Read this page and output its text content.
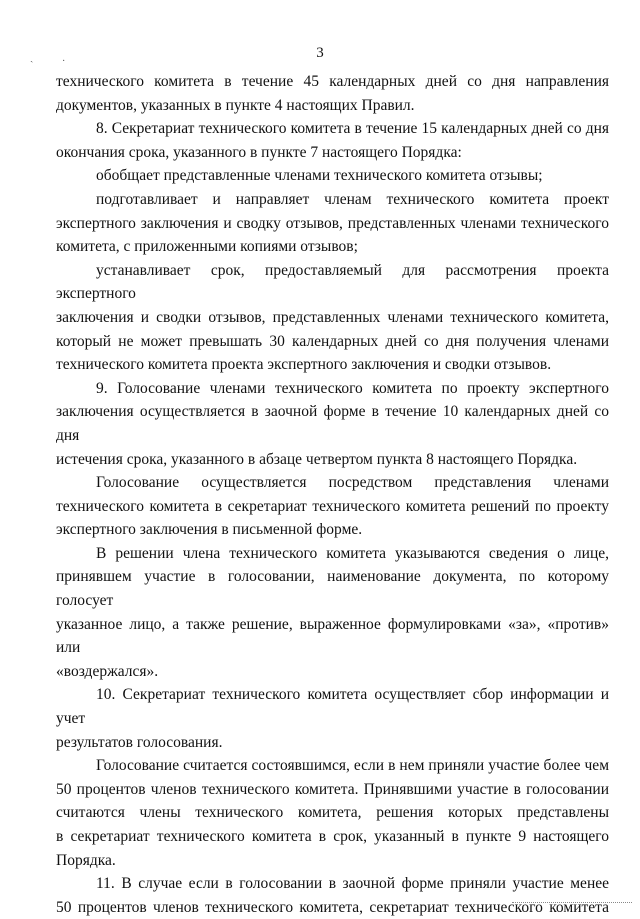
ˏ	·
3

технического комитета в течение 45 календарных дней со дня направления

документов, указанных в пункте 4 настоящих Правил.

8. Секретариат технического комитета в течение 15 календарных дней со дня

окончания срока, указанного в пункте 7 настоящего Порядка:

обобщает представленные членами технического комитета отзывы;

подготавливает и направляет членам технического комитета проект

экспертного заключения и сводку отзывов, представленных членами технического

комитета, с приложенными копиями отзывов;

устанавливает срок, предоставляемый для рассмотрения проекта экспертного

заключения и сводки отзывов, представленных членами технического комитета,

который не может превышать 30 календарных дней со дня получения членами

технического комитета проекта экспертного заключения и сводки отзывов.

9. Голосование членами технического комитета по проекту экспертного

заключения осуществляется в заочной форме в течение 10 календарных дней со дня

истечения срока, указанного в абзаце четвертом пункта 8 настоящего Порядка.

Голосование осуществляется посредством представления членами

технического комитета в секретариат технического комитета решений по проекту

экспертного заключения в письменной форме.

В решении члена технического комитета указываются сведения о лице,

принявшем участие в голосовании, наименование документа, по которому голосует

указанное лицо, а также решение, выраженное формулировками «за», «против» или

«воздержался».

10. Секретариат технического комитета осуществляет сбор информации и учет

результатов голосования.

Голосование считается состоявшимся, если в нем приняли участие более чем

50 процентов членов технического комитета. Принявшими участие в голосовании

считаются члены технического комитета, решения которых представлены

в секретариат технического комитета в срок, указанный в пункте 9 настоящего

Порядка.

11. В случае если в голосовании в заочной форме приняли участие менее

50 процентов членов технического комитета, секретариат технического комитета
